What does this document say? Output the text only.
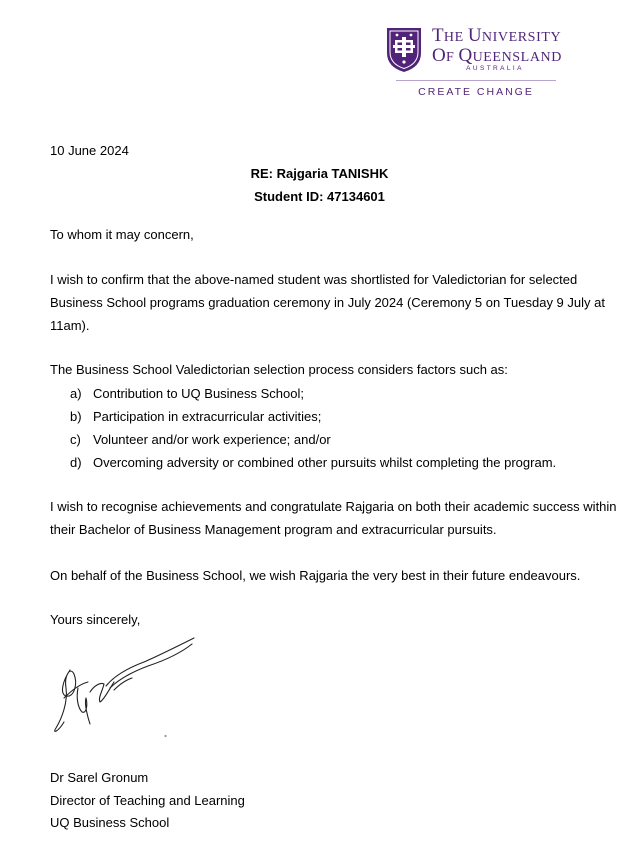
THE UNIVERSITY
OF QUEENSLAND
AUSTRALIA
CREATE CHANGE
10 June 2024
RE: Rajgaria TANISHK
Student ID: 47134601
To whom it may concern,
I wish to confirm that the above-named student was shortlisted for Valedictorian for selected Business School programs graduation ceremony in July 2024 (Ceremony 5 on Tuesday 9 July at 11am).
The Business School Valedictorian selection process considers factors such as:
a) Contribution to UQ Business School;
b) Participation in extracurricular activities;
c) Volunteer and/or work experience; and/or
d) Overcoming adversity or combined other pursuits whilst completing the program.
I wish to recognise achievements and congratulate Rajgaria on both their academic success within their Bachelor of Business Management program and extracurricular pursuits.
On behalf of the Business School, we wish Rajgaria the very best in their future endeavours.
Yours sincerely,
Dr Sarel Gronum
Director of Teaching and Learning
UQ Business School
